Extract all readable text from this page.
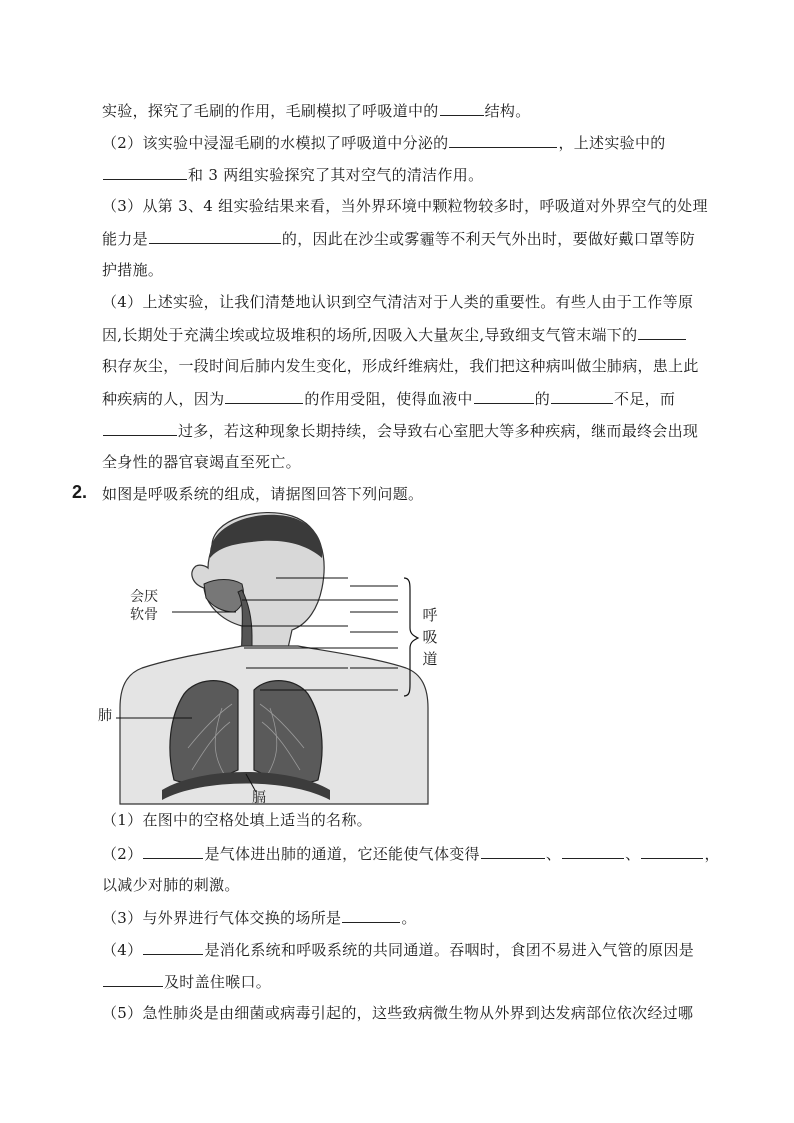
实验，探究了毛刷的作用，毛刷模拟了呼吸道中的	结构。
（2）该实验中浸湿毛刷的水模拟了呼吸道中分泌的	，上述实验中的
和 3 两组实验探究了其对空气的清洁作用。
（3）从第 3、4 组实验结果来看，当外界环境中颗粒物较多时，呼吸道对外界空气的处理
能力是	的，因此在沙尘或雾霾等不利天气外出时，要做好戴口罩等防
护措施。
（4）上述实验，让我们清楚地认识到空气清洁对于人类的重要性。有些人由于工作等原
因,长期处于充满尘埃或垃圾堆积的场所,因吸入大量灰尘,导致细支气管末端下的
积存灰尘，一段时间后肺内发生变化，形成纤维病灶，我们把这种病叫做尘肺病，患上此
种疾病的人，因为	的作用受阻，使得血液中	的	不足，而
过多，若这种现象长期持续，会导致右心室肥大等多种疾病，继而最终会出现
全身性的器官衰竭直至死亡。
2. 如图是呼吸系统的组成，请据图回答下列问题。
会厌软骨
肺
膈
呼吸道
（1）在图中的空格处填上适当的名称。
（2）	是气体进出肺的通道，它还能使气体变得	、	、	，
以减少对肺的刺激。
（3）与外界进行气体交换的场所是	。
（4）	是消化系统和呼吸系统的共同通道。吞咽时，食团不易进入气管的原因是
及时盖住喉口。
（5）急性肺炎是由细菌或病毒引起的，这些致病微生物从外界到达发病部位依次经过哪
